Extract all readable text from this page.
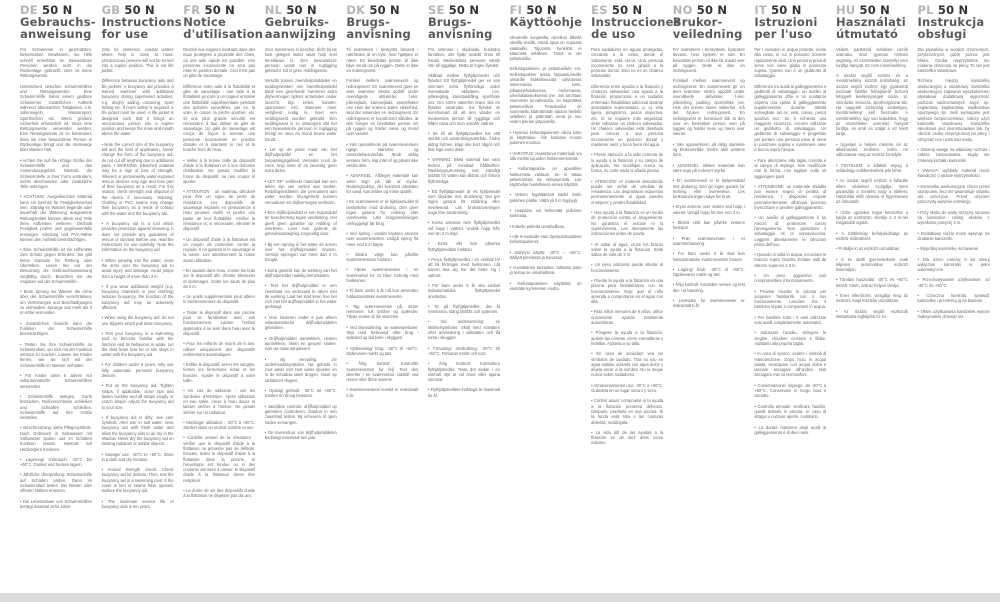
DE 50 N
Gebrauchs-
anweisung

Für Schwimmer in geschützten, küstennahen Gewässern, wo Hilfe schnell erreichbar ist. Bewusstlose Personen werden nicht in die Rückenlage gebracht. Dies ist keine Rettungsweste.

Unterschied zwischen Schwimmhilfen und Rettungswesten: Eine Schwimmhilfe bietet einem geübten Schwimmer zusätzlichen Auftrieb während überwachter Tätigkeiten, z.B. Jollensegeln, Wassersport, Sportfischen etc. Wenn größere Sicherheit erforderlich ist, muss eine Rettungsweste verwendet werden. Eine Rettungsweste ist so konstruiert, dass sie eine bewusstlose Person in Rückenlage bringt und die Atemwege über Wasser hält.

• Achten Sie auf die richtige Größe der Schwimmhilfe und das Anwendungsgebiet. Niemals die Schwimmhilfe in ihrer Form verändern, nichts abschneiden oder zusätzliche Teile anbringen.

• ACHTUNG: Ausgebleichtes Material kann ein Zeichen für Festigkeitsverlust sein. Ständig im Wasser liegende oder dauerhaft der Witterung ausgesetzte Rettungsmittel können altern und Teile ihres Auftriebes verlieren. Deshalb Festigkeit prüfen und gegebenenfalls entsorgen. Kleidung und PVC-Nähte können den Auftrieb beeinträchtigen.

• Eine Schwimmhilfe ist ein Hilfsmittel zum Schutz gegen Ertrinken. Sie gibt keine Garantie für Rettung oder Überleben. Lesen Sie vor der Benutzung die Gebrauchsanweisung sorgfältig durch. Beachten Sie die Angaben auf der Schwimmhilfe.

• Beim Sprung ins Wasser die Arme über der Schwimmhilfe verschränken, um Verletzungen und Beschädigungen zu vermeiden. Sprünge aus mehr als 3 m Höhe vermeiden.

• Zusätzliches Gewicht kann die Funktion der Schwimmhilfe beeinträchtigen.

• Testen Sie Ihre Schwimmhilfe im Schwimmbad, um sich mit der Funktion vertraut zu machen. Lassen Sie Kinder lernen, wie sie sich mit der Schwimmhilfe im Wasser verhalten.

• Für Kinder unter 6 Jahren nur vollautomatische Schwimmhilfen verwenden.

• Schwimmhilfe anlegen, Gurte festziehen, Reißverschlüsse schließen und Schnallen schließen. Schwimmhilfe auf Ihre Größe einstellen.

• Verschmutzung: siehe Pflegesymbole. Nach Gebrauch in Salzwasser mit Süßwasser spülen und im Schatten trocknen lassen. Niemals auf Heizkörpern trocknen.

• Lagerung/ Gebrauch: -30°C bis +60°C. Dunkel und trocken lagern.

• Jährliche Überprüfung: Schwimmhilfe auf Schäden prüfen. Dann im Schwimmbad testen. Bei Rissen oder offenen Nähten ersetzen.

• Die Lebensdauer von Schwimmhilfen beträgt maximal zehn Jahre.

GB 50 N
Instructions
for use

Only for sheltered, coastal waters where help is close at hand. Unconscious persons will not be turned into a supine position. This is not life jacket.

Difference between buoyancy aids and life jackets: A buoyancy aid provides a trained swimmer with additional buoyancy during supervised activities, e.g. dinghy sailing, canoeing, sport fishing etc. If more safety is required, a life jacket must be used. A life jacket is designed such that it brings an unconscious person into a supine position and keeps the nose and mouth above the water.

• Note the correct size of the buoyancy aid and the field of application. Never change the form of the buoyancy aid, do not cut off anything due to additional parts. • WARNING: Bleached material may be a sign of loss of strength. Inherent or permanently water-exposed rescue devices may age and lose part of their buoyancy as a result. For this reason, check strength and disposal of the device if necessary. Warning: Clothing or PVC seams may change their buoyancy as a result of contact with the water and the buoyancy aid.

• A buoyancy aid is a tool which provides protection against drowning. It does not provide any guarantee of rescue or survival. Before use, read the instructions for use carefully. Note the information on the buoyancy aid.

• When jumping into the water, cross the arms over the buoyancy aid to avoid injury and damage. Avoid jumps from a height of more than 3 m.

• If you wear additional weight (e.g. buoyancy chambers or your clothing) reduces buoyancy, the function of the buoyancy aid may be adversely affected.

• When using the buoyancy aid, do not use slippers which pull down buoyancy.

• Test your buoyancy in a swimming pool to become familiar with the function and its behaviour in water. Let the child learn how he or she stays in water with the buoyancy aid.

• For children under 6 years, only use fully automatic personal buoyancy devices.

• Put on the buoyancy aid. Tighten straps, if applicable, close zips and fasten buckles and all straps snugly or crotch straps. Adjust the buoyancy aid to your size.

• If buoyancy aid is dirty: see care symbols. After use in salt water, rinse buoyancy aid with fresh water and allow the buoyancy aids to air dry in the shadow. Never dry the buoyancy aid on heating radiators or similar objects.

• Storage/ use: -30°C to +60°C. Store in a dark and dry location.

• Annual strength check: Check buoyancy aid for defects. Then, test the buoyancy aid in a swimming pool. If the cover is torn or seams have opened, replace the buoyancy aid.

• The maximum service life of buoyancy aids is ten years.

FR 50 N
Notice
d'utilisation

Destiné aux nageurs évoluant dans des eaux protégées à proximité des côtes, où une aide rapide est possible. Une personne inconsciente ne sera pas mise en position dorsale. Ceci n'est pas un gilet de sauvetage.

Différence entre aide à la flottabilité et gilet de sauvetage : une aide à la flottabilité procure à un nageur entraîné une flottabilité supplémentaire pendant des activités surveillées, par ex. la voile, le canoë, la pêche sportive, etc. Si une plus grande sécurité est nécessaire, il faut utiliser un gilet de sauvetage. Un gilet de sauvetage est conçu de façon à amener une personne inconsciente en position dorsale et à maintenir le nez et la bouche hors de l'eau.

• Veiller à la bonne taille du dispositif d'aide à la flottaison et à son domaine d'utilisation. Ne jamais modifier la forme du dispositif, ne rien couper ni ajouter.

• ATTENTION : un matériau décoloré peut être un signe de perte de résistance. Les dispositifs de sauvetage exposés en permanence à l'eau peuvent vieillir et perdre une partie de leur flottabilité. Vérifier la résistance et, si nécessaire, éliminer le dispositif.

• Un dispositif d'aide à la flottaison est un moyen de protection contre la noyade. Il ne garantit ni le sauvetage ni la survie. Lire attentivement la notice avant utilisation.

• En sautant dans l'eau, croiser les bras sur le dispositif afin d'éviter blessures et dommages. Éviter les sauts de plus de 3 m.

• Un poids supplémentaire peut altérer le fonctionnement du dispositif.

• Tester le dispositif dans une piscine pour se familiariser avec son fonctionnement. Laisser l'enfant apprendre à se tenir dans l'eau avec le dispositif.

• Pour les enfants de moins de 6 ans, utiliser uniquement des dispositifs entièrement automatiques.

• Enfiler le dispositif, serrer les sangles, fermer les fermetures éclair et les boucles. Ajuster le dispositif à votre taille.

• En cas de salissure : voir les symboles d'entretien. Après utilisation en eau salée, rincer à l'eau douce et laisser sécher à l'ombre. Ne jamais sécher sur un radiateur.

• Stockage/ utilisation : -30°C à +60°C. Stocker dans un endroit sombre et sec.

• Contrôle annuel de la résistance : vérifier que le dispositif d'aide à la flottaison ne présente pas de défauts. Ensuite, tester le dispositif d'aide à la flottaison dans la piscine. Si l'enveloppe est fendue ou si des coutures viennent à casser, le dispositif d'aide à la flottaison devra être remplacé.

• La durée de vie des dispositifs d'aide à la flottaison ne dépasse pas dix ans.

NL 50 N
Gebruiks-
aanwijzing

Voor zwemmers in beschut, dicht bij de kust gelegen water waar hulp snel bereikbaar is. Een bewusteloze persoon wordt niet in rugligging gebracht. Dit is geen reddingsvest.

Verschil tussen zwemhulpmiddelen en reddingsvesten: een zwemhulpmiddel biedt een geoefende zwemmer extra drijfvermogen tijdens activiteiten onder toezicht, bijv. zeilen, kanoën, sportvissen enz. Wanneer meer veiligheid nodig is, moet een reddingsvest worden gebruikt. Een reddingsvest is zo ontworpen dat het een bewusteloze persoon in rugligging brengt en neus en mond boven water houdt.

• Let op de juiste maat van het drijfhulpmiddel en het toepassingsgebied. Verander nooit de vorm, knip niets af en bevestig geen extra delen.

• LET OP: verbleekt materiaal kan een teken zijn van verlies aan sterkte. Reddingsmiddelen die permanent aan water worden blootgesteld kunnen verouderen en drijfvermogen verliezen.

• Een drijfhulpmiddel is een hulpmiddel ter bescherming tegen verdrinking. Het geeft geen garantie op redding of overleven. Lees voor gebruik de gebruiksaanwijzing zorgvuldig door.

• Bij een sprong in het water de armen over het drijfhulpmiddel kruisen. Vermijd sprongen van meer dan 3 m hoogte.

• Extra gewicht kan de werking van het drijfhulpmiddel nadelig beïnvloeden.

• Test het drijfhulpmiddel in een zwembad om vertrouwd te raken met de werking. Laat het kind leren hoe het zich met het drijfhulpmiddel in het water gedraagt.

• Voor kinderen onder 6 jaar alleen volautomatische drijfhulpmiddelen gebruiken.

• Drijfhulpmiddel aantrekken, riemen aantrekken, ritsen en gespen sluiten. Aan uw maat aanpassen.

• Bij vervuiling: zie onderhoudssymbolen. Na gebruik in zout water met zoet water spoelen en in de schaduw laten drogen. Nooit op radiatoren drogen.

• Opslag/ gebruik: -30°C tot +60°C. Donker en droog bewaren.

• Jaarlijkse controle: drijfhulpmiddel op gebreken controleren. Daarna in een zwembad testen. Bij scheuren of open naden vervangen.

• De levensduur van drijfhulpmiddelen bedraagt maximaal tien jaar.

DK 50 N
Brugs-
anvisning

Til svømmere i beskyttet farvand i nærheden af en kyst, hvor hjælpen er nære. En bevidstløs person vil ikke blive vendt om på ryggen. Dette er ikke en redningsvest.

Forskel mellem svømmevest og redningsvest: En svømmevest giver en øvet svømmer ekstra opdrift under overvågede aktiviteter, f.eks. jollesejlads, kanosejlads, sportsfiskeri osv. Hvis der kræves større sikkerhed, skal der anvendes en redningsvest. En redningsvest er konstrueret således, at den bringer en bevidstløs person om på ryggen og holder næse og mund over vandet.

• Vær opmærksom på svømmevestens rigtige størrelse og anvendelsesområde. Ændr aldrig vestens form, klip intet af og påsæt ikke ekstra dele.

• ADVARSEL: Afbleget materiale kan være tegn på tab af styrke. Redningsudstyr, der konstant udsættes for vand, kan ældes og miste opdrift.

• En svømmevest er et hjælpemiddel til beskyttelse mod drukning. Den giver ingen garanti for redning eller overlevelse. Læs brugsanvisningen omhyggeligt før brug.

• Ved spring i vandet krydses armene over svømmevesten. Undgå spring fra mere end 3 m højde.

• Ekstra vægt kan påvirke svømmevestens funktion.

• Afprøv svømmevesten i en svømmehal for at blive fortrolig med funktionen.

• Til børn under 6 år må kun anvendes fuldautomatiske svømmeveste.

• Tag svømmevesten på, stram remmene, luk lynlåse og spænder. Tilpas vesten til din størrelse.

• Ved tilsmudsning: se vaskesymboler. Skyl med ferskvand efter brug i saltvand og lad tørre i skyggen.

• Opbevaring/ brug: -30°C til +60°C. Opbevares mørkt og tørt.

• Årlig kontrol: Kontrollér svømmevesten for fejl. Test den derefter i en svømmehal. Udskift ved revner eller åbne sømme.

• Svømmevestens levetid er maksimalt ti år.

SE 50 N
Brugs-
anvisning

För simmare i skyddade, kustnära farvatten, där hjälp snabbt finns till hands. Medvetslösa personer vänds inte till ryggläge. Detta är ingen flytväst.

Skillnad mellan flythjälpmedel och flytväst: Ett flythjälpmedel ger en van simmare extra flytförmåga under övervakade aktiviteter, t.ex. jollesegling, kanotpaddling, sportfiske osv. Om större säkerhet krävs ska en flytväst användas. En flytväst är konstruerad så att den vänder en medvetslös person till ryggläge och håller näsa och mun ovanför vattnet.

• Se till att flythjälpmedlet har rätt storlek och användningsområde. Ändra aldrig formen, klipp inte bort något och fäst inga extra delar.

• VARNING: Blekt material kan vara tecken på minskad hållfasthet. Räddningsutrustning som ständigt utsätts för vatten kan åldras och förlora flytförmåga.

• Ett flythjälpmedel är ett hjälpmedel som skyddar mot drunkning. Det ger ingen garanti för räddning eller överlevnad. Läs bruksanvisningen noga före användning.

• Korsa armarna över flythjälpmedlet vid hopp i vattnet. Undvik hopp från mer än 3 m höjd.

• Extra vikt kan påverka flythjälpmedlets funktion.

• Prova flythjälpmedlet i en simhall för att bli förtrogen med funktionen. Låt barnet lära sig hur det beter sig i vattnet.

• För barn under 6 år ska endast helautomatiska flythjälpmedel användas.

• Ta på flythjälpmedlet, dra åt remmarna, stäng blixtlås och spännen.

• Vid nedsmutsning: se skötselsymboler. Skölj med sötvatten efter användning i saltvatten och låt torka i skuggan.

• Förvaring/ användning: -30°C till +60°C. Förvaras mörkt och torrt.

• Årlig kontroll: Kontrollera flythjälpmedlet. Testa det sedan i en simhall. Byt ut vid revor eller öppna sömmar.

• Flythjälpmedlets livslängd är maximalt tio år.

FI 50 N
Käyttöohje

Uimareille suojaisilla, rannikon lähellä olevilla vesillä, missä apua on nopeasti saatavilla. Tajutonta henkilöä ei käännetä selälleen. Tämä ei ole pelastusliivi.

Kelluntapukimen ja pelastusliivin ero: Kelluntapukine antaa harjaantuneelle uimarille lisäkelluvuutta valvotussa toiminnassa, esim. jollapurjehduksessa, melonnassa, urheilukalastuksessa jne. Jos tarvitaan enemmän turvallisuutta, on käytettävä pelastusliiviä. Pelastusliivi on suunniteltu kääntämään tajuton henkilö selälleen ja pitämään nenä ja suu veden pinnan yläpuolella.

• Huomioi kelluntapukimen oikea koko ja käyttöalue. Älä koskaan muuta pukimen muotoa.

• VAROITUS: Haalistunut materiaali voi olla merkki lujuuden heikkenemisestä.

• Kelluntapukine on apuväline hukkumista vastaan. Se ei takaa pelastumista tai selviytymistä. Lue käyttöohje huolellisesti ennen käyttöä.

• Veteen hypättäessä kädet ristiin pukimen päälle. Vältä yli 3 m hyppyjä.

• Lisäpaino voi heikentää pukimen toimintaa.

• Kokeile puketta uimahallissa.

• Alle 6-vuotiaille vain täysautomaattiset kelluntapukimet.

• Säilytys/ käyttö: -30°C – +60°C. Säilytä pimeässä ja kuivassa.

• Vuosittainen tarkastus: tarkasta puke ja testaa se uimahallissa.

• Kelluntapukimen käyttöikä on enintään kymmenen vuotta.

ES 50 N
Instrucciones
de uso

Para nadadores en aguas protegidas, cercanas a la costa, donde el salvamento está cerca. Una persona inconsciente no será girada a la posición dorsal. Esto no es un chaleco salvavidas.

Diferencia entre ayudas a la flotación y chalecos salvavidas: una ayuda a la flotación proporciona a un nadador entrenado flotabilidad adicional durante actividades supervisadas, p. ej. vela ligera, piragüismo, pesca deportiva, etc. Si se requiere más seguridad, debe utilizarse un chaleco salvavidas. Un chaleco salvavidas está diseñado para colocar a una persona inconsciente en posición dorsal y mantener nariz y boca fuera del agua.

• Preste atención a la talla correcta de la ayuda a la flotación y su campo de aplicación. No modifique nunca su forma, no corte nada ni añada piezas.

• ATENCIÓN: el material descolorido puede ser señal de pérdida de resistencia. Los dispositivos expuestos permanentemente al agua pueden envejecer y perder flotabilidad.

• Una ayuda a la flotación es un medio de protección contra el ahogamiento. No garantiza el rescate ni la supervivencia. Lea atentamente las instrucciones antes de usarla.

• Al saltar al agua, cruce los brazos sobre la ayuda a la flotación. Evite saltos de más de 3 m.

• Un peso adicional puede afectar al funcionamiento.

• Pruebe la ayuda a la flotación en una piscina para familiarizarse con su funcionamiento. Deje que el niño aprenda a comportarse en el agua con ella.

• Para niños menores de 6 años, utilice únicamente ayudas totalmente automáticas.

• Póngase la ayuda a la flotación, apriete las correas, cierre cremalleras y hebillas. Ajústela a su talla.

• En caso de suciedad: vea los símbolos de cuidado. Tras su uso en agua salada, aclárela con agua dulce y déjela secar a la sombra. No la seque nunca sobre radiadores.

• Almacenamiento/ uso: -30°C a +60°C. Guárdela en un lugar oscuro y seco.

• Control anual: compruebe si la ayuda a la flotación presenta defectos. Después, pruébela en una piscina. Si la funda está rota o las costuras abiertas, sustitúyala.

• La vida útil de las ayudas a la flotación es de diez años como máximo.

NO 50 N
Brukor-
veiledning

For svømmere i beskyttede, kystnære farvann, hvor hjelpen er nær. En bevisstløs person vil ikke bli snudd over på ryggen. Dette er ikke en redningsvest.

Forskjell mellom svømmevest og redningsvest: En svømmevest gir en øvet svømmer ekstra oppdrift under overvåkede aktiviteter, f.eks. jolleseiling, padling, sportsfiske osv. Hvis det kreves større sikkerhet, må det brukes redningsvest. En redningsvest er konstruert slik at den snur en bevisstløs person over på ryggen og holder nese og munn over vannet.

• Vær oppmerksom på riktig størrelse og bruksområde. Endre aldri vestens form.

• ADVARSEL: Bleket materiale kan være tegn på redusert styrke.

• En svømmevest er et hjelpemiddel mot drukning. Den gir ingen garanti for redning eller overlevelse. Les bruksanvisningen nøye før bruk.

• Kryss armene over vesten ved hopp i vannet. Unngå hopp fra mer enn 3 m.

• Ekstra vekt kan påvirke vestens funksjon.

• Prøv svømmevesten i et svømmebasseng.

• For barn under 6 år skal kun helautomatiske svømmevester brukes.

• Lagring/ bruk: -30°C til +60°C. Oppbevares mørkt og tørt.

• Årlig kontroll: Kontroller vesten og test den i et basseng.

• Levetiden for svømmevester er maksimalt ti år.

IT 50 N
Istruzioni
per l'uso

Per i nuotatori in acque protette, vicine alla costa, in cui si possono ricevere rapidamente aiuti. Una persona priva di sensi non viene girata in posizione supina. Questo non è un giubbotto di salvataggio.

Differenza tra ausili al galleggiamento e giubbotti di salvataggio: un ausilio al galleggiamento offre a un nuotatore esperto una spinta di galleggiamento supplementare durante attività sorvegliate, ad es. vela, canoa, pesca sportiva ecc. Se è richiesta una maggiore sicurezza, occorre utilizzare un giubbotto di salvataggio. Un giubbotto di salvataggio è progettato per portare una persona priva di sensi in posizione supina e mantenere naso e bocca sopra l'acqua.

• Fare attenzione alla taglia corretta e al campo di impiego. Non modificare mai la forma, non tagliare nulla né aggiungere parti.

• ATTENZIONE: un materiale sbiadito può essere segno di perdita di resistenza. I dispositivi esposti permanentemente all'acqua possono invecchiare e perdere galleggiamento.

• Un ausilio al galleggiamento è un mezzo di protezione contro l'annegamento. Non garantisce il salvataggio né la sopravvivenza. Leggere attentamente le istruzioni prima dell'uso.

• Quando si salta in acqua, incrociare le braccia sopra l'ausilio. Evitare salti da altezze superiori a 3 m.

• Un peso aggiuntivo può compromettere il funzionamento.

• Provare l'ausilio in piscina per acquisire familiarità con il suo funzionamento. Lasciare che il bambino impari a comportarsi in acqua.

• Per bambini sotto i 6 anni utilizzare solo ausili completamente automatici.

• Indossare l'ausilio, stringere le cinghie, chiudere cerniere e fibbie. Adattarlo alla propria taglia.

• In caso di sporco: vedere i simboli di manutenzione. Dopo l'uso in acqua salata, sciacquare con acqua dolce e lasciare asciugare all'ombra. Non asciugare mai su termosifoni.

• Conservazione/ impiego: da -30°C a +60°C. Conservare in luogo buio e asciutto.

• Controllo annuale: verificare l'ausilio, quindi testarlo in piscina. In caso di strappi o cuciture aperte, sostituirlo.

• La durata massima degli ausili al galleggiamento è di dieci anni.

HU 50 N
Használati
útmutató

Védett, partközeli vizekben úszók számára, ahol gyorsan hívható segítség. Az eszméletlen személyt nem fordítja hanyatt. Ez nem mentőmellény.

A úszást segítő eszköz és a mentőmellény közötti különbség: az úszást segítő eszköz egy gyakorlott úszónak többlet felhajtóerőt biztosít felügyelt tevékenységek során, pl. vitorlázás, kenuzás, sporthorgászat stb. Ha nagyobb biztonság szükséges, mentőmellényt kell használni. A mentőmellény úgy van kialakítva, hogy az eszméletlen személyt hanyatt fordítja, és orrát és száját a víz felett tartja.

• Ügyeljen a helyes méretre és az alkalmazási területre. Soha ne változtassa meg az eszköz formáját.

• FIGYELEM: a kifakult anyag a szilárdság csökkenésének jele lehet.

• Az úszást segítő eszköz a fulladás elleni védelmet szolgálja. Nem garantálja a mentést vagy a túlélést. Használat előtt olvassa el figyelmesen az útmutatót.

• Vízbe ugráskor tegye keresztbe a karját az eszközön. Kerülje a 3 m-nél magasabb ugrást.

• A többletsúly befolyásolhatja az eszköz működését.

• Próbálja ki az eszközt uszodában.

• 6 év alatti gyermekeknek csak teljesen automatikus eszközt használjon.

• Tárolás/ használat: -30°C és +60°C között. Sötét, száraz helyen tárolja.

• Éves ellenőrzés: vizsgálja meg az eszközt, majd tesztelje uszodában.

• Az úszást segítő eszközök élettartama legfeljebb tíz év.

PL 50 N
Instrukcja
obsługi

Dla pływaków w wodach chronionych, przybrzeżnych, gdzie pomoc jest blisko. Osoba nieprzytomna nie zostanie obrócona na plecy. To nie jest kamizelka ratunkowa.

Różnica między kamizelką asekuracyjną a ratunkową: kamizelka asekuracyjna zapewnia wyszkolonemu pływakowi dodatkową wyporność podczas nadzorowanych zajęć, np. żeglarstwa, kajakarstwa, wędkarstwa sportowego itp. Jeśli wymagane jest większe bezpieczeństwo, należy użyć kamizelki ratunkowej. Kamizelka ratunkowa jest skonstruowana tak, by obrócić osobę nieprzytomną na plecy i utrzymać nos i usta nad wodą.

• Zwracaj uwagę na właściwy rozmiar i zakres zastosowania. Nigdy nie zmieniaj kształtu kamizelki.

• UWAGA: wyblakły materiał może świadczyć o utracie wytrzymałości.

• Kamizelka asekuracyjna chroni przed utonięciem, lecz nie gwarantuje ratunku ani przeżycia. Przed użyciem przeczytaj uważnie instrukcję.

• Przy skoku do wody skrzyżuj ramiona na kamizelce. Unikaj skoków z wysokości powyżej 3 m.

• Dodatkowy ciężar może wpłynąć na działanie kamizelki.

• Wypróbuj kamizelkę na basenie.

• Dla dzieci poniżej 6 lat stosuj wyłącznie kamizelki w pełni automatyczne.

• Przechowywanie/ użytkowanie: od -30°C do +60°C.

• Coroczna kontrola: sprawdź kamizelkę i przetestuj ją na basenie.

• Okres użytkowania kamizelek wynosi maksymalnie dziesięć lat.
